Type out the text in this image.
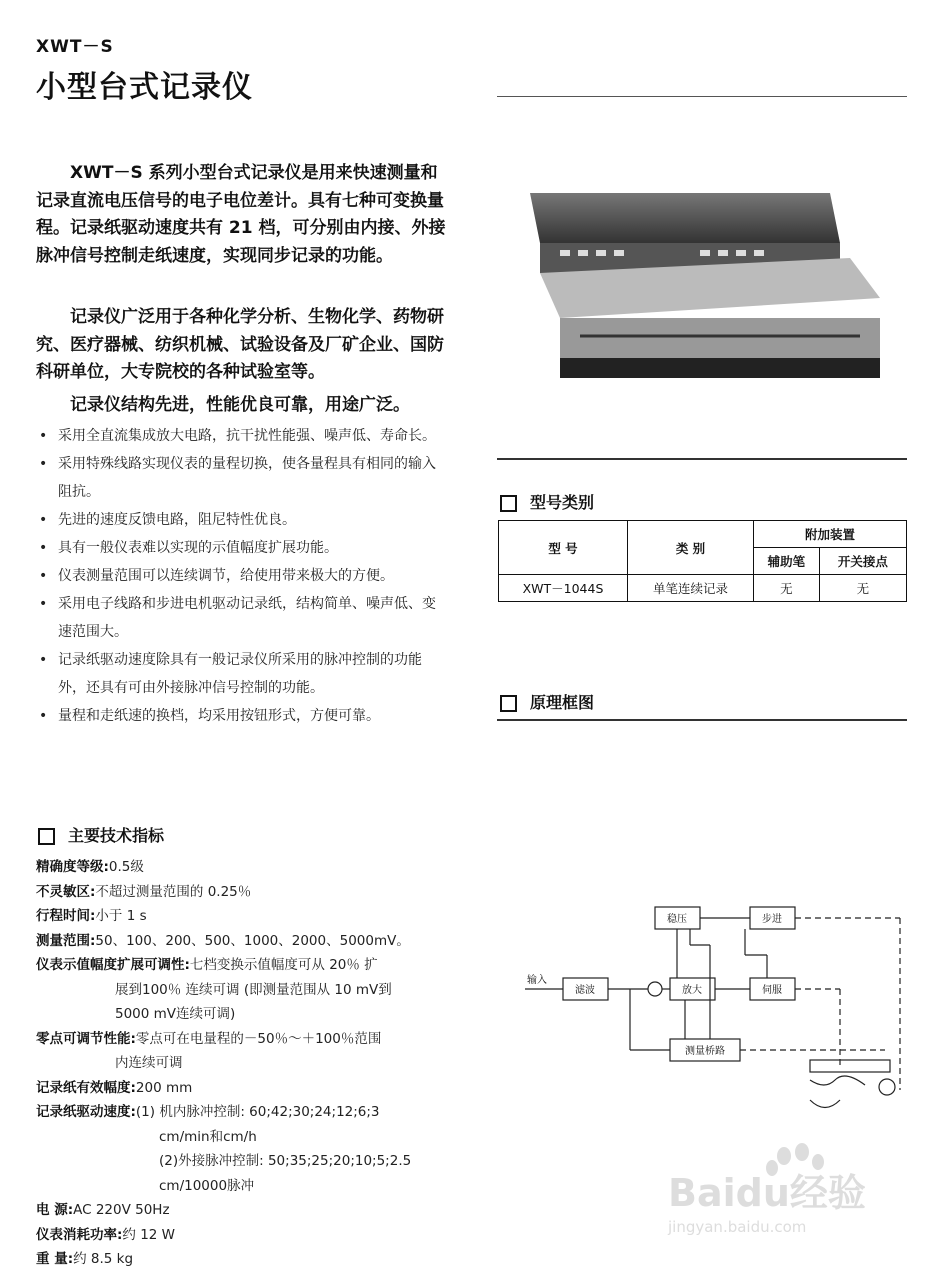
XWT－S
小型台式记录仪
XWT－S 系列小型台式记录仪是用来快速测量和记录直流电压信号的电子电位差计。具有七种可变换量程。记录纸驱动速度共有 21 档，可分别由内接、外接脉冲信号控制走纸速度，实现同步记录的功能。
记录仪广泛用于各种化学分析、生物化学、药物研究、医疗器械、纺织机械、试验设备及厂矿企业、国防科研单位，大专院校的各种试验室等。
记录仪结构先进，性能优良可靠，用途广泛。
• 采用全直流集成放大电路，抗干扰性能强、噪声低、寿命长。
• 采用特殊线路实现仪表的量程切换，使各量程具有相同的输入阻抗。
• 先进的速度反馈电路，阻尼特性优良。
• 具有一般仪表难以实现的示值幅度扩展功能。
• 仪表测量范围可以连续调节，给使用带来极大的方便。
• 采用电子线路和步进电机驱动记录纸，结构简单、噪声低、变速范围大。
• 记录纸驱动速度除具有一般记录仪所采用的脉冲控制的功能外，还具有可由外接脉冲信号控制的功能。
• 量程和走纸速的换档，均采用按钮形式，方便可靠。
主要技术指标
精确度等级: 0.5级
不灵敏区: 不超过测量范围的 0.25％
行程时间: 小于 1 s
测量范围: 50、100、200、500、1000、2000、5000mV。
仪表示值幅度扩展可调性: 七档变换示值幅度可从 20％ 扩
展到100％ 连续可调 (即测量范围从 10 mV到
5000 mV连续可调)
零点可调节性能: 零点可在电量程的－50％～＋100％范围
内连续可调
记录纸有效幅度: 200 mm
记录纸驱动速度: (1) 机内脉冲控制: 60;42;30;24;12;6;3
cm/min和cm/h
(2)外接脉冲控制: 50;35;25;20;10;5;2.5
cm/10000脉冲
电 源: AC 220V 50Hz
仪表消耗功率: 约 12 W
重 量: 约 8.5 kg
型号类别
型 号	类 别	附加装置	
		辅助笔	开关接点
XWT－1044S	单笔连续记录	无	无
原理框图
稳压	步进
滤波	放大	伺服
测量桥路
输入
Baidu经验
jingyan.baidu.com
